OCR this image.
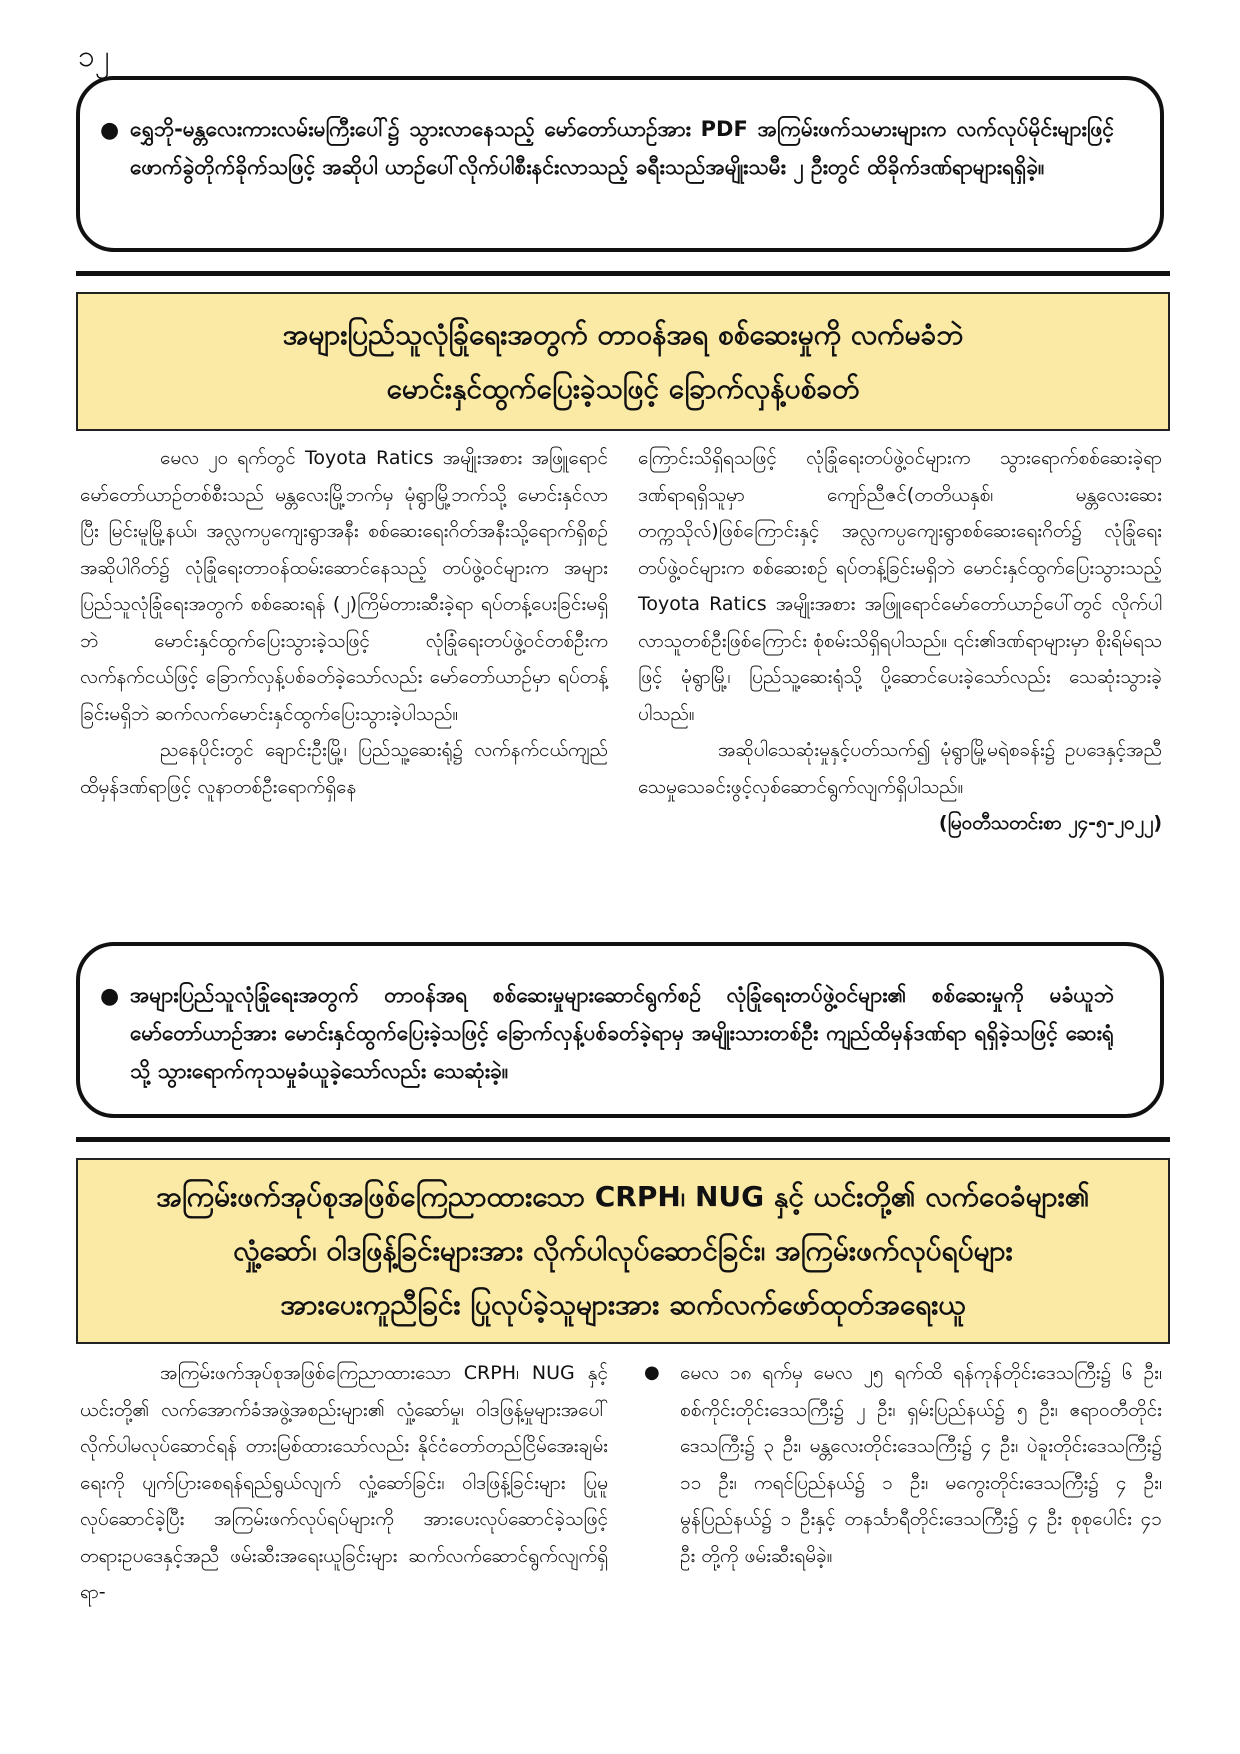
၁၂
● ရွှေဘို-မန္တလေးကားလမ်းမကြီးပေါ်၌ သွားလာနေသည့် မော်တော်ယာဉ်အား PDF အကြမ်းဖက်သမားများက လက်လုပ်မိုင်းများဖြင့် ဖောက်ခွဲတိုက်ခိုက်သဖြင့် အဆိုပါ ယာဉ်ပေါ်လိုက်ပါစီးနင်းလာသည့် ခရီးသည်အမျိုးသမီး ၂ ဦးတွင် ထိခိုက်ဒဏ်ရာများရရှိခဲ့။
အများပြည်သူလုံခြုံရေးအတွက် တာဝန်အရ စစ်ဆေးမှုကို လက်မခံဘဲ
မောင်းနှင်ထွက်ပြေးခဲ့သဖြင့် ခြောက်လှန့်ပစ်ခတ်

မေလ ၂၀ ရက်တွင် Toyota Ratics အမျိုးအစား အဖြူရောင်မော်တော်ယာဉ်တစ်စီးသည် မန္တလေးမြို့ဘက်မှ မုံရွာမြို့ဘက်သို့ မောင်းနှင်လာပြီး မြင်းမူမြို့နယ်၊ အလ္လကပ္ပကျေးရွာအနီး စစ်ဆေးရေးဂိတ်အနီးသို့ရောက်ရှိစဉ် အဆိုပါဂိတ်၌ လုံခြုံရေးတာဝန်ထမ်းဆောင်နေသည့် တပ်ဖွဲ့ဝင်များက အများပြည်သူလုံခြုံရေးအတွက် စစ်ဆေးရန် (၂)ကြိမ်တားဆီးခဲ့ရာ ရပ်တန့်ပေးခြင်းမရှိဘဲ မောင်းနှင်ထွက်ပြေးသွားခဲ့သဖြင့် လုံခြုံရေးတပ်ဖွဲ့ဝင်တစ်ဦးက လက်နက်ငယ်ဖြင့် ခြောက်လှန့်ပစ်ခတ်ခဲ့သော်လည်း မော်တော်ယာဉ်မှာ ရပ်တန့်ခြင်းမရှိဘဲ ဆက်လက်မောင်းနှင်ထွက်ပြေးသွားခဲ့ပါသည်။

ညနေပိုင်းတွင် ချောင်းဦးမြို့၊ ပြည်သူ့ဆေးရုံ၌ လက်နက်ငယ်ကျည်ထိမှန်ဒဏ်ရာဖြင့် လူနာတစ်ဦးရောက်ရှိနေ

ကြောင်းသိရှိရသဖြင့် လုံခြုံရေးတပ်ဖွဲ့ဝင်များက သွားရောက်စစ်ဆေးခဲ့ရာ ဒဏ်ရာရရှိသူမှာ ကျော်ညီဇင်(တတိယနှစ်၊ မန္တလေးဆေးတက္ကသိုလ်)ဖြစ်ကြောင်းနှင့် အလ္လကပ္ပကျေးရွာစစ်ဆေးရေးဂိတ်၌ လုံခြုံရေးတပ်ဖွဲ့ဝင်များက စစ်ဆေးစဉ် ရပ်တန့်ခြင်းမရှိဘဲ မောင်းနှင်ထွက်ပြေးသွားသည့် Toyota Ratics အမျိုးအစား အဖြူရောင်မော်တော်ယာဉ်ပေါ်တွင် လိုက်ပါလာသူတစ်ဦးဖြစ်ကြောင်း စုံစမ်းသိရှိရပါသည်။ ၎င်း၏ဒဏ်ရာများမှာ စိုးရိမ်ရသဖြင့် မုံရွာမြို့၊ ပြည်သူ့ဆေးရုံသို့ ပို့ဆောင်ပေးခဲ့သော်လည်း သေဆုံးသွားခဲ့ပါသည်။

အဆိုပါသေဆုံးမှုနှင့်ပတ်သက်၍ မုံရွာမြို့မရဲစခန်း၌ ဥပဒေနှင့်အညီ သေမှုသေခင်းဖွင့်လှစ်ဆောင်ရွက်လျက်ရှိပါသည်။

(မြဝတီသတင်းစာ ၂၄-၅-၂၀၂၂)

● အများပြည်သူလုံခြုံရေးအတွက် တာဝန်အရ စစ်ဆေးမှုများဆောင်ရွက်စဉ် လုံခြုံရေးတပ်ဖွဲ့ဝင်များ၏ စစ်ဆေးမှုကို မခံယူဘဲ မော်တော်ယာဉ်အား မောင်းနှင်ထွက်ပြေးခဲ့သဖြင့် ခြောက်လှန့်ပစ်ခတ်ခဲ့ရာမှ အမျိုးသားတစ်ဦး ကျည်ထိမှန်ဒဏ်ရာ ရရှိခဲ့သဖြင့် ဆေးရုံသို့ သွားရောက်ကုသမှုခံယူခဲ့သော်လည်း သေဆုံးခဲ့။
အကြမ်းဖက်အုပ်စုအဖြစ်ကြေညာထားသော CRPH၊ NUG နှင့် ယင်းတို့၏ လက်ဝေခံများ၏
လှုံ့ဆော်၊ ဝါဒဖြန့်ခြင်းများအား လိုက်ပါလုပ်ဆောင်ခြင်း၊ အကြမ်းဖက်လုပ်ရပ်များ
အားပေးကူညီခြင်း ပြုလုပ်ခဲ့သူများအား ဆက်လက်ဖော်ထုတ်အရေးယူ

အကြမ်းဖက်အုပ်စုအဖြစ်ကြေညာထားသော CRPH၊ NUG နှင့် ယင်းတို့၏ လက်အောက်ခံအဖွဲ့အစည်းများ၏ လှုံ့ဆော်မှု၊ ဝါဒဖြန့်မှုများအပေါ် လိုက်ပါမလုပ်ဆောင်ရန် တားမြစ်ထားသော်လည်း နိုင်ငံတော်တည်ငြိမ်အေးချမ်းရေးကို ပျက်ပြားစေရန်ရည်ရွယ်လျက် လှုံ့ဆော်ခြင်း၊ ဝါဒဖြန့်ခြင်းများ ပြုမူလုပ်ဆောင်ခဲ့ပြီး အကြမ်းဖက်လုပ်ရပ်များကို အားပေးလုပ်ဆောင်ခဲ့သဖြင့် တရားဥပဒေနှင့်အညီ ဖမ်းဆီးအရေးယူခြင်းများ ဆက်လက်ဆောင်ရွက်လျက်ရှိရာ-

● မေလ ၁၈ ရက်မှ မေလ ၂၅ ရက်ထိ ရန်ကုန်တိုင်းဒေသကြီး၌ ၆ ဦး၊ စစ်ကိုင်းတိုင်းဒေသကြီး၌ ၂ ဦး၊ ရှမ်းပြည်နယ်၌ ၅ ဦး၊ ဧရာဝတီတိုင်းဒေသကြီး၌ ၃ ဦး၊ မန္တလေးတိုင်းဒေသကြီး၌ ၄ ဦး၊ ပဲခူးတိုင်းဒေသကြီး၌ ၁၁ ဦး၊ ကရင်ပြည်နယ်၌ ၁ ဦး၊ မကွေးတိုင်းဒေသကြီး၌ ၄ ဦး၊ မွန်ပြည်နယ်၌ ၁ ဦးနှင့် တနင်္သာရီတိုင်းဒေသကြီး၌ ၄ ဦး စုစုပေါင်း ၄၁ ဦး တို့ကို ဖမ်းဆီးရမိခဲ့။
